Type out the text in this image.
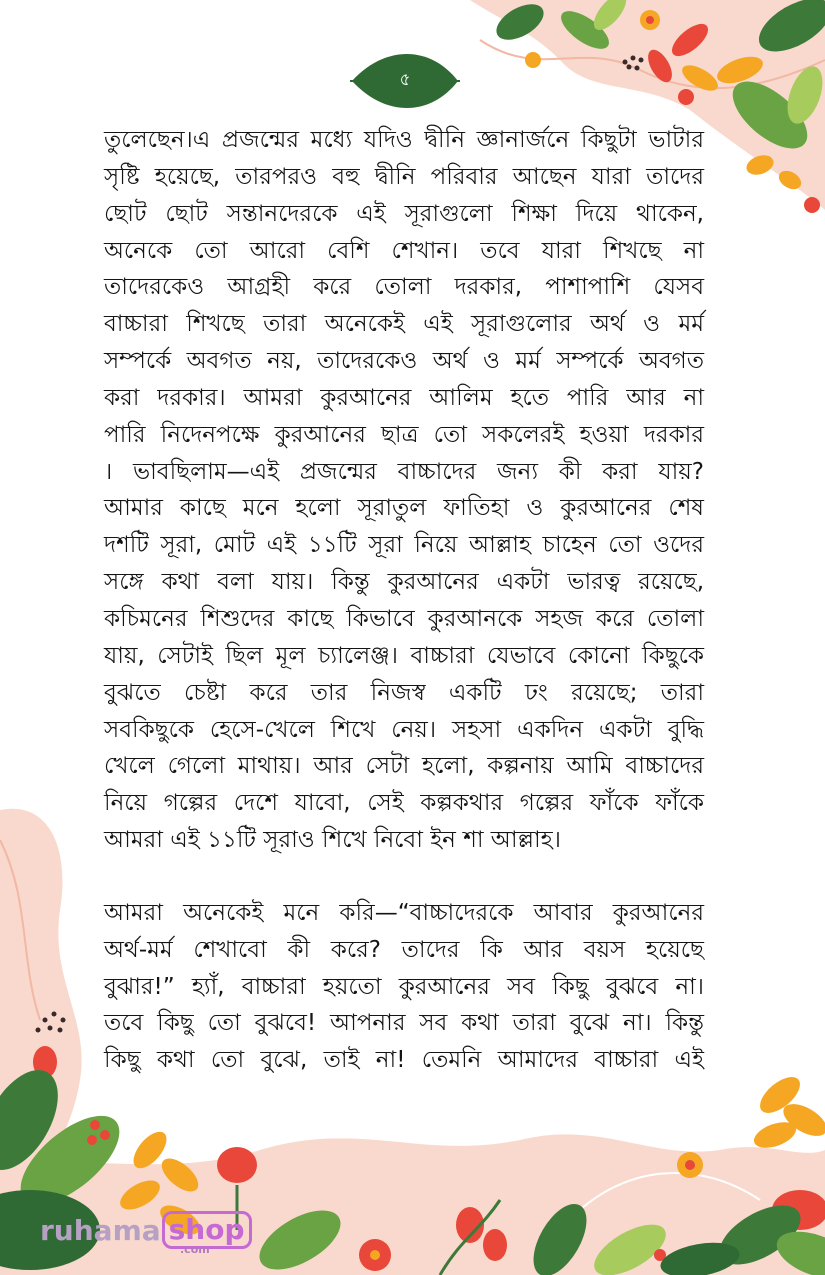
৫

তুলেছেন।এ প্রজন্মের মধ্যে যদিও দ্বীনি জ্ঞানার্জনে কিছুটা ভাটার
সৃষ্টি হয়েছে, তারপরও বহু দ্বীনি পরিবার আছেন যারা তাদের
ছোট ছোট সন্তানদেরকে এই সূরাগুলো শিক্ষা দিয়ে থাকেন,
অনেকে তো আরো বেশি শেখান। তবে যারা শিখছে না
তাদেরকেও আগ্রহী করে তোলা দরকার, পাশাপাশি যেসব
বাচ্চারা শিখছে তারা অনেকেই এই সূরাগুলোর অর্থ ও মর্ম
সম্পর্কে অবগত নয়, তাদেরকেও অর্থ ও মর্ম সম্পর্কে অবগত
করা দরকার। আমরা কুরআনের আলিম হতে পারি আর না
পারি নিদেনপক্ষে কুরআনের ছাত্র তো সকলেরই হওয়া দরকার
। ভাবছিলাম—এই প্রজন্মের বাচ্চাদের জন্য কী করা যায়?
আমার কাছে মনে হলো সূরাতুল ফাতিহা ও কুরআনের শেষ
দশটি সূরা, মোট এই ১১টি সূরা নিয়ে আল্লাহ চাহেন তো ওদের
সঙ্গে কথা বলা যায়। কিন্তু কুরআনের একটা ভারত্ব রয়েছে,
কচিমনের শিশুদের কাছে কিভাবে কুরআনকে সহজ করে তোলা
যায়, সেটাই ছিল মূল চ্যালেঞ্জ। বাচ্চারা যেভাবে কোনো কিছুকে
বুঝতে চেষ্টা করে তার নিজস্ব একটি ঢং রয়েছে; তারা
সবকিছুকে হেসে-খেলে শিখে নেয়। সহসা একদিন একটা বুদ্ধি
খেলে গেলো মাথায়। আর সেটা হলো, কল্পনায় আমি বাচ্চাদের
নিয়ে গল্পের দেশে যাবো, সেই কল্পকথার গল্পের ফাঁকে ফাঁকে
আমরা এই ১১টি সূরাও শিখে নিবো ইন শা আল্লাহ।

আমরা অনেকেই মনে করি—“বাচ্চাদেরকে আবার কুরআনের
অর্থ-মর্ম শেখাবো কী করে? তাদের কি আর বয়স হয়েছে
বুঝার!” হ্যাঁ, বাচ্চারা হয়তো কুরআনের সব কিছু বুঝবে না।
তবে কিছু তো বুঝবে! আপনার সব কথা তারা বুঝে না। কিন্তু
কিছু কথা তো বুঝে, তাই না! তেমনি আমাদের বাচ্চারা এই

ruhama shop
.com
